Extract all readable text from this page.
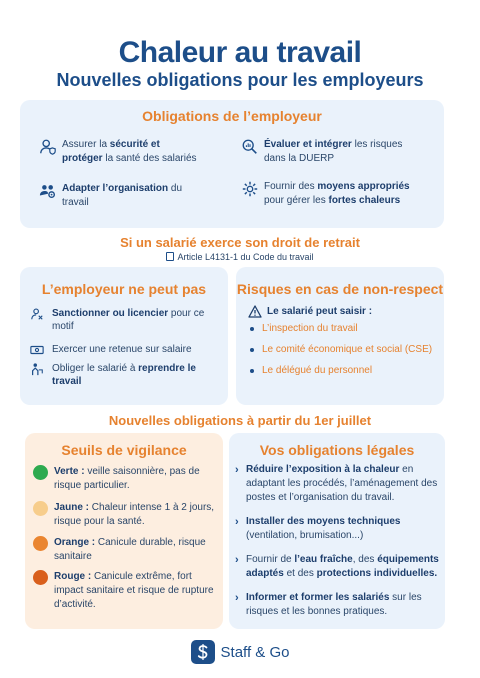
Chaleur au travail
Nouvelles obligations pour les employeurs
Obligations de l’employeur
Assurer la sécurité et
protéger la santé des salariés
Évaluer et intégrer les risques
dans la DUERP
Adapter l’organisation du
travail
Fournir des moyens appropriés
pour gérer les fortes chaleurs
Si un salarié exerce son droit de retrait
Article L4131-1 du Code du travail
L’employeur ne peut pas
Sanctionner ou licencier pour ce motif
Exercer une retenue sur salaire
Obliger le salarié à reprendre le travail
Risques en cas de non-respect
Le salarié peut saisir :
L’inspection du travail
Le comité économique et social (CSE)
Le délégué du personnel
Nouvelles obligations à partir du 1er juillet
Seuils de vigilance
Verte : veille saisonnière, pas de risque particulier.
Jaune : Chaleur intense 1 à 2 jours, risque pour la santé.
Orange : Canicule durable, risque sanitaire
Rouge : Canicule extrême, fort impact sanitaire et risque de rupture d’activité.
Vos obligations légales
› Réduire l’exposition à la chaleur en adaptant les procédés, l’aménagement des postes et l’organisation du travail.
› Installer des moyens techniques (ventilation, brumisation...)
› Fournir de l’eau fraîche, des équipements adaptés et des protections individuelles.
› Informer et former les salariés sur les risques et les bonnes pratiques.
Staff & Go
